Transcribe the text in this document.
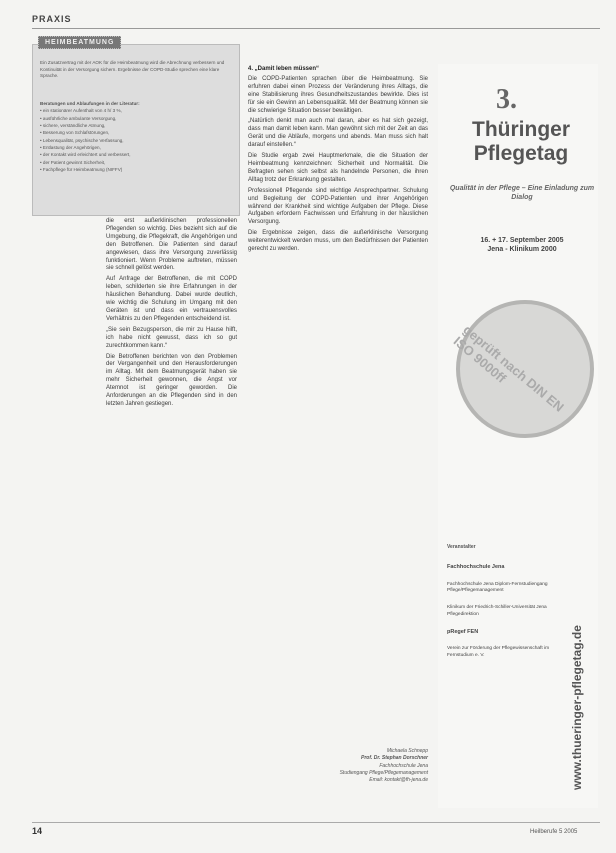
PRAXIS
HEIMBEATMUNG
Ein Zusatzvertrag mit der AOK für die Heimbeatmung wird die Abrechnung verbessern und Kontinuität in der Versorgung sichern. Ergebnisse der COPD-Studie sprechen eine klare Sprache.
Beratungen und Ablaufungen in der Literatur:
• ein stationärer Aufenthalt von 4 h/ 3 %,
• ausführliche ambulante Versorgung,
• sichere, verständliche Atmung,
• Besserung von Schlafstörungen,
• Lebensqualität, psychische Verfassung,
• Entlastung der Angehörigen,
• der Kontakt wird erleichtert und verbessert,
• der Patient gewinnt Sicherheit,
• Fachpflege für Heimbeatmung (NIFFV)

die erst außerklinischen professionellen Pflegenden so wichtig. Dies bezieht sich auf die Umgebung, die Pflegekraft, die Angehörigen und den Betroffenen. Die Patienten sind darauf angewiesen, dass ihre Versorgung zuverlässig funktioniert. Wenn Probleme auftreten, müssen sie schnell gelöst werden.

Auf Anfrage der Betroffenen, die mit COPD leben, schilderten sie ihre Erfahrungen in der häuslichen Behandlung. Dabei wurde deutlich, wie wichtig die Schulung im Umgang mit den Geräten ist und dass ein vertrauensvolles Verhältnis zu den Pflegenden entscheidend ist.

„Sie sein Bezugsperson, die mir zu Hause hilft, ich habe nicht gewusst, dass ich so gut zurechtkommen kann.“

Die Betroffenen berichten von den Problemen der Vergangenheit und den Herausforderungen im Alltag. Mit dem Beatmungsgerät haben sie mehr Sicherheit gewonnen, die Angst vor Atemnot ist geringer geworden. Die Anforderungen an die Pflegenden sind in den letzten Jahren gestiegen.

4. „Damit leben müssen“

Die COPD-Patienten sprachen über die Heimbeatmung. Sie erfuhren dabei einen Prozess der Veränderung ihres Alltags, die eine Stabilisierung ihres Gesundheitszustandes bewirkte. Dies ist für sie ein Gewinn an Lebensqualität. Mit der Beatmung können sie die schwierige Situation besser bewältigen.

„Natürlich denkt man auch mal daran, aber es hat sich gezeigt, dass man damit leben kann. Man gewöhnt sich mit der Zeit an das Gerät und die Abläufe, morgens und abends. Man muss sich halt darauf einstellen.“

Die Studie ergab zwei Hauptmerkmale, die die Situation der Heimbeatmung kennzeichnen: Sicherheit und Normalität. Die Befragten sehen sich selbst als handelnde Personen, die ihren Alltag trotz der Erkrankung gestalten.

Professionell Pflegende sind wichtige Ansprechpartner. Schulung und Begleitung der COPD-Patienten und ihrer Angehörigen während der Krankheit sind wichtige Aufgaben der Pflege. Diese Aufgaben erfordern Fachwissen und Erfahrung in der häuslichen Versorgung.

Die Ergebnisse zeigen, dass die außerklinische Versorgung weiterentwickelt werden muss, um den Bedürfnissen der Patienten gerecht zu werden.

Michaela Schnepp
Prof. Dr. Stephan Dorschner
Fachhochschule Jena
Studiengang Pflege/Pflegemanagement
Email: kontakt@fh-jena.de
3.
Thüringer
Pflegetag
Qualität in der Pflege – Eine Einladung zum Dialog
16. + 17. September 2005
Jena - Klinikum 2000
geprüft nach DIN EN ISO 9000ff
Veranstalter
Fachhochschule Jena
Fachhochschule Jena Diplom-Fernstudiengang Pflege/Pflegemanagement
Klinikum der Friedrich-Schiller-Universität Jena Pflegedirektion
pRegef FEN
Verein zur Förderung der Pflegewissenschaft im Fernstudium e. V.	www.thueringer-pflegetag.de
14	Heilberufe 5 2005
